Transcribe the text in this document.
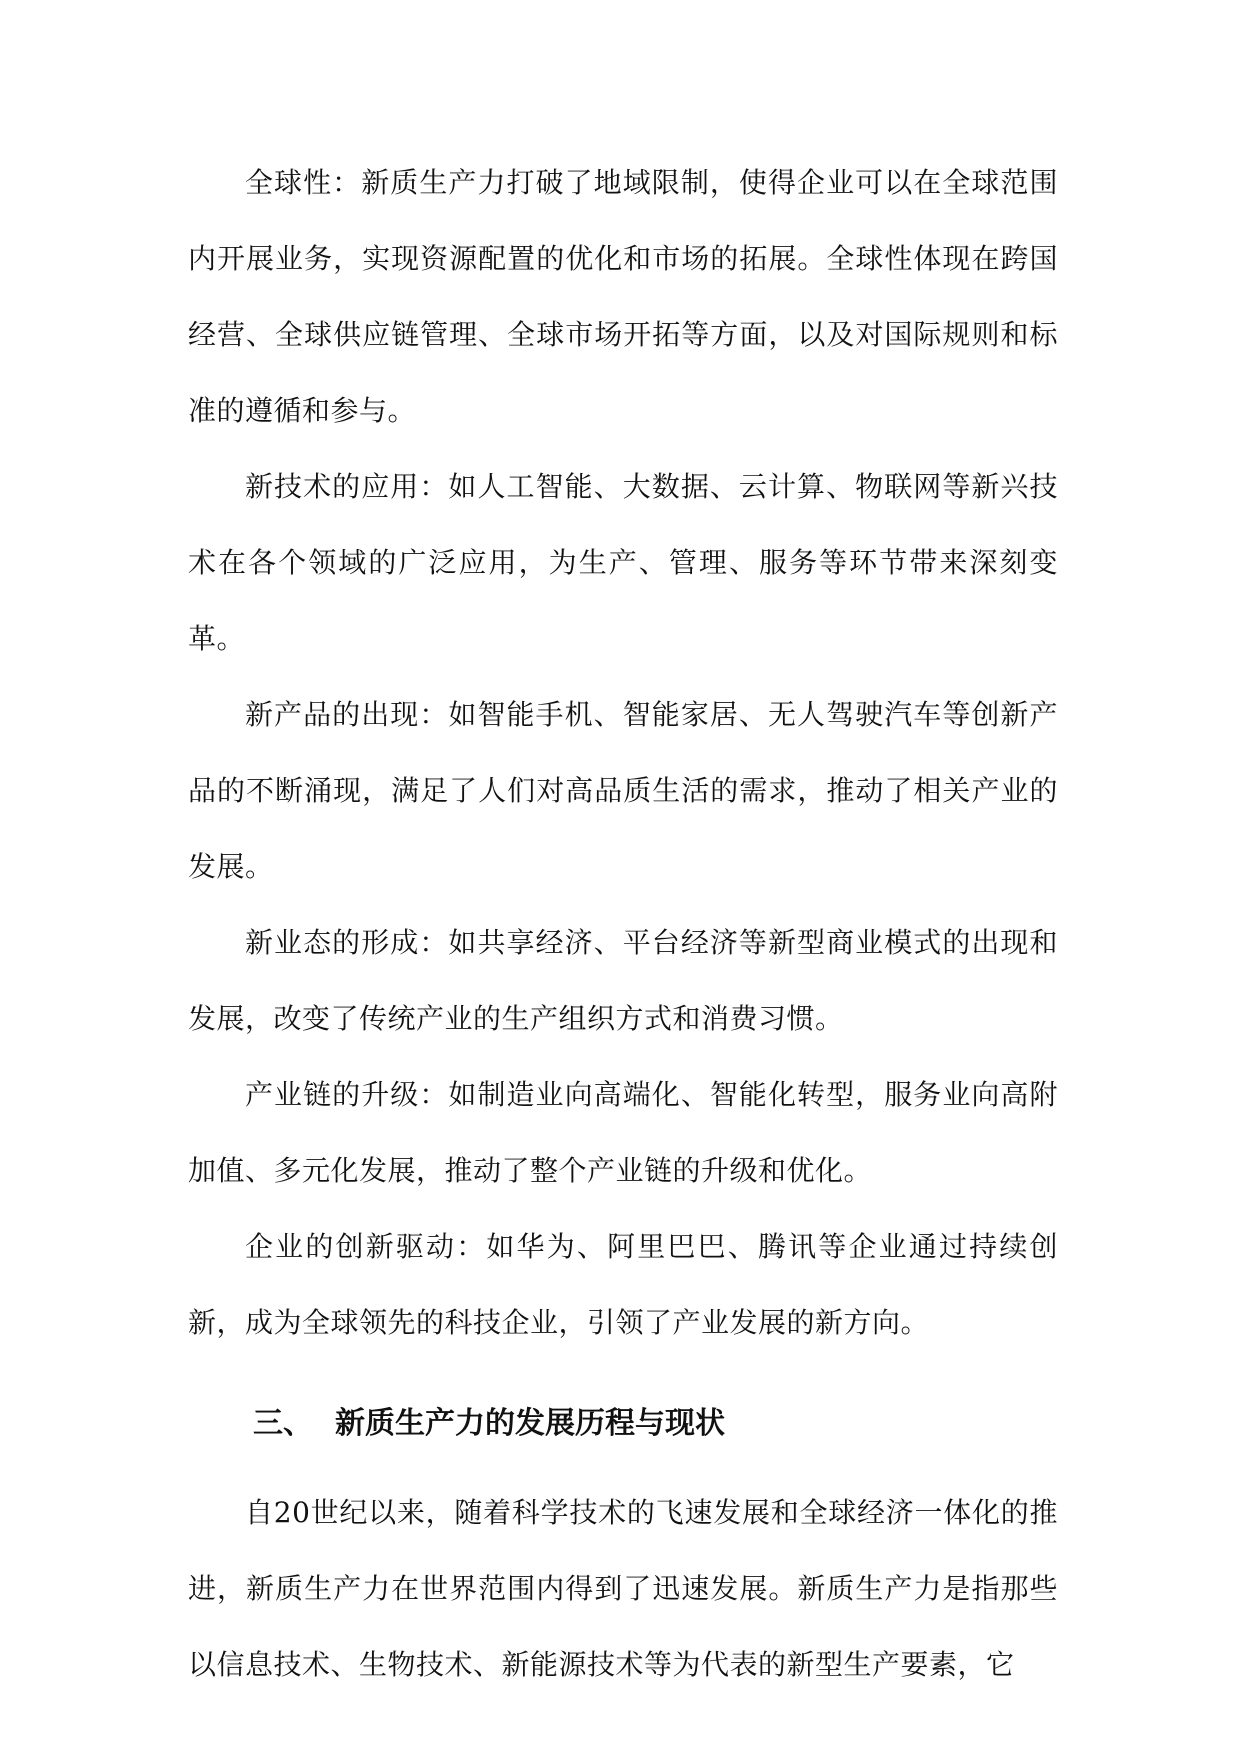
全球性：新质生产力打破了地域限制，使得企业可以在全球范围内开展业务，实现资源配置的优化和市场的拓展。全球性体现在跨国经营、全球供应链管理、全球市场开拓等方面，以及对国际规则和标准的遵循和参与。

新技术的应用：如人工智能、大数据、云计算、物联网等新兴技术在各个领域的广泛应用，为生产、管理、服务等环节带来深刻变革。

新产品的出现：如智能手机、智能家居、无人驾驶汽车等创新产品的不断涌现，满足了人们对高品质生活的需求，推动了相关产业的发展。

新业态的形成：如共享经济、平台经济等新型商业模式的出现和发展，改变了传统产业的生产组织方式和消费习惯。

产业链的升级：如制造业向高端化、智能化转型，服务业向高附加值、多元化发展，推动了整个产业链的升级和优化。

企业的创新驱动：如华为、阿里巴巴、腾讯等企业通过持续创新，成为全球领先的科技企业，引领了产业发展的新方向。

三、 新质生产力的发展历程与现状

自20世纪以来，随着科学技术的飞速发展和全球经济一体化的推进，新质生产力在世界范围内得到了迅速发展。新质生产力是指那些以信息技术、生物技术、新能源技术等为代表的新型生产要素，它
